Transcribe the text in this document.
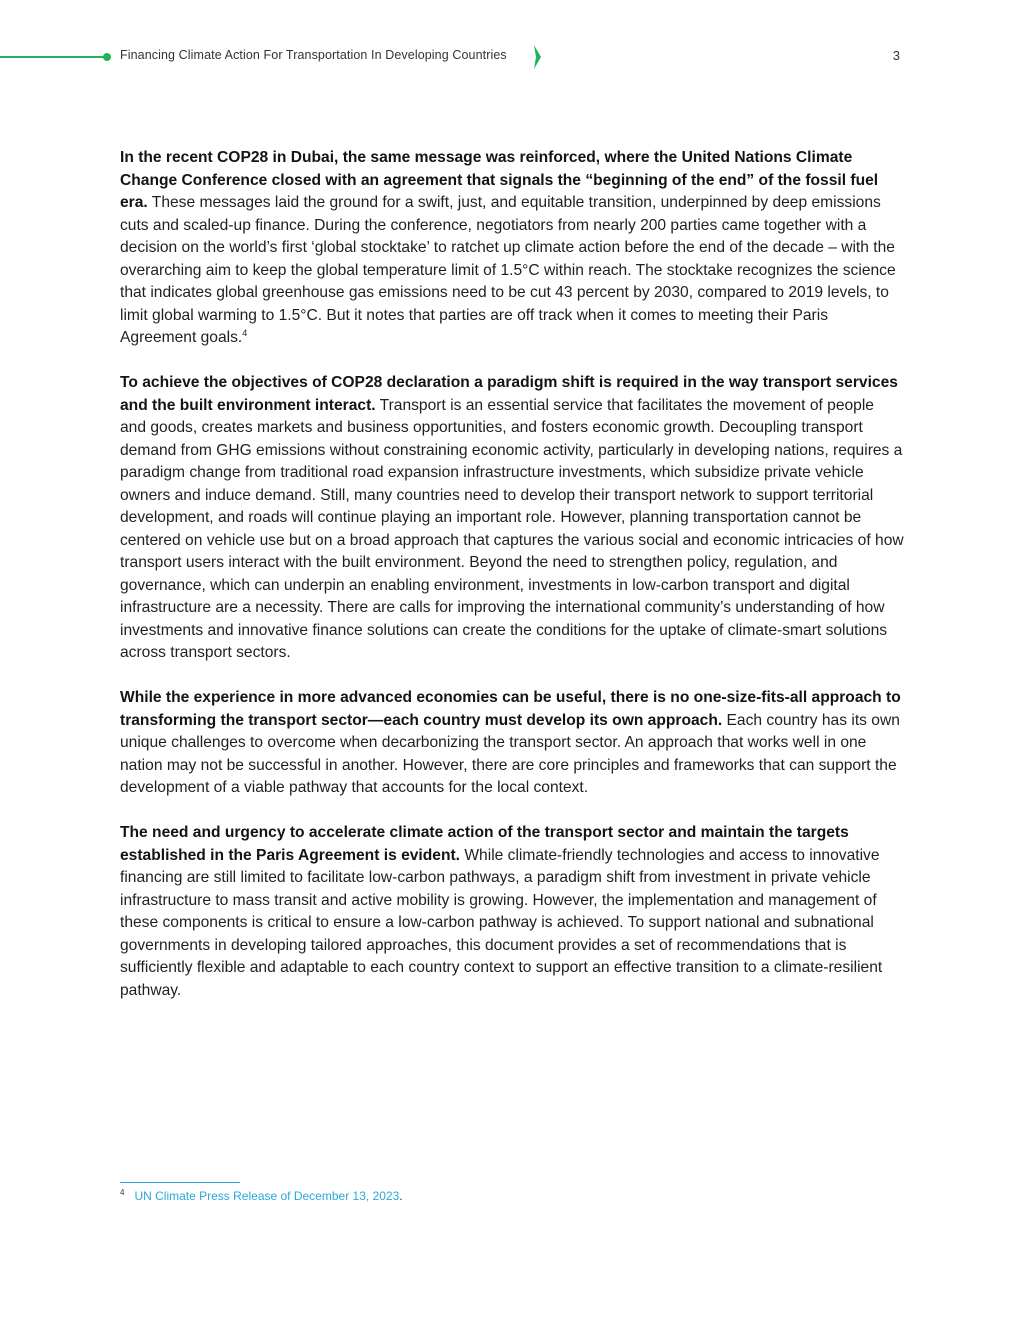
Financing Climate Action For Transportation In Developing Countries	3

In the recent COP28 in Dubai, the same message was reinforced, where the United Nations Climate Change Conference closed with an agreement that signals the “beginning of the end” of the fossil fuel era. These messages laid the ground for a swift, just, and equitable transition, underpinned by deep emissions cuts and scaled-up finance. During the conference, negotiators from nearly 200 parties came together with a decision on the world’s first ‘global stocktake’ to ratchet up climate action before the end of the decade – with the overarching aim to keep the global temperature limit of 1.5°C within reach. The stocktake recognizes the science that indicates global greenhouse gas emissions need to be cut 43 percent by 2030, compared to 2019 levels, to limit global warming to 1.5°C. But it notes that parties are off track when it comes to meeting their Paris Agreement goals.$^4$

To achieve the objectives of COP28 declaration a paradigm shift is required in the way transport services and the built environment interact. Transport is an essential service that facilitates the movement of people and goods, creates markets and business opportunities, and fosters economic growth. Decoupling transport demand from GHG emissions without constraining economic activity, particularly in developing nations, requires a paradigm change from traditional road expansion infrastructure investments, which subsidize private vehicle owners and induce demand. Still, many countries need to develop their transport network to support territorial development, and roads will continue playing an important role. However, planning transportation cannot be centered on vehicle use but on a broad approach that captures the various social and economic intricacies of how transport users interact with the built environment. Beyond the need to strengthen policy, regulation, and governance, which can underpin an enabling environment, investments in low-carbon transport and digital infrastructure are a necessity. There are calls for improving the international community’s understanding of how investments and innovative finance solutions can create the conditions for the uptake of climate-smart solutions across transport sectors.

While the experience in more advanced economies can be useful, there is no one-size-fits-all approach to transforming the transport sector—each country must develop its own approach. Each country has its own unique challenges to overcome when decarbonizing the transport sector. An approach that works well in one nation may not be successful in another. However, there are core principles and frameworks that can support the development of a viable pathway that accounts for the local context.

The need and urgency to accelerate climate action of the transport sector and maintain the targets established in the Paris Agreement is evident. While climate-friendly technologies and access to innovative financing are still limited to facilitate low-carbon pathways, a paradigm shift from investment in private vehicle infrastructure to mass transit and active mobility is growing. However, the implementation and management of these components is critical to ensure a low-carbon pathway is achieved. To support national and subnational governments in developing tailored approaches, this document provides a set of recommendations that is sufficiently flexible and adaptable to each country context to support an effective transition to a climate-resilient pathway.

$^4$ UN Climate Press Release of December 13, 2023.
